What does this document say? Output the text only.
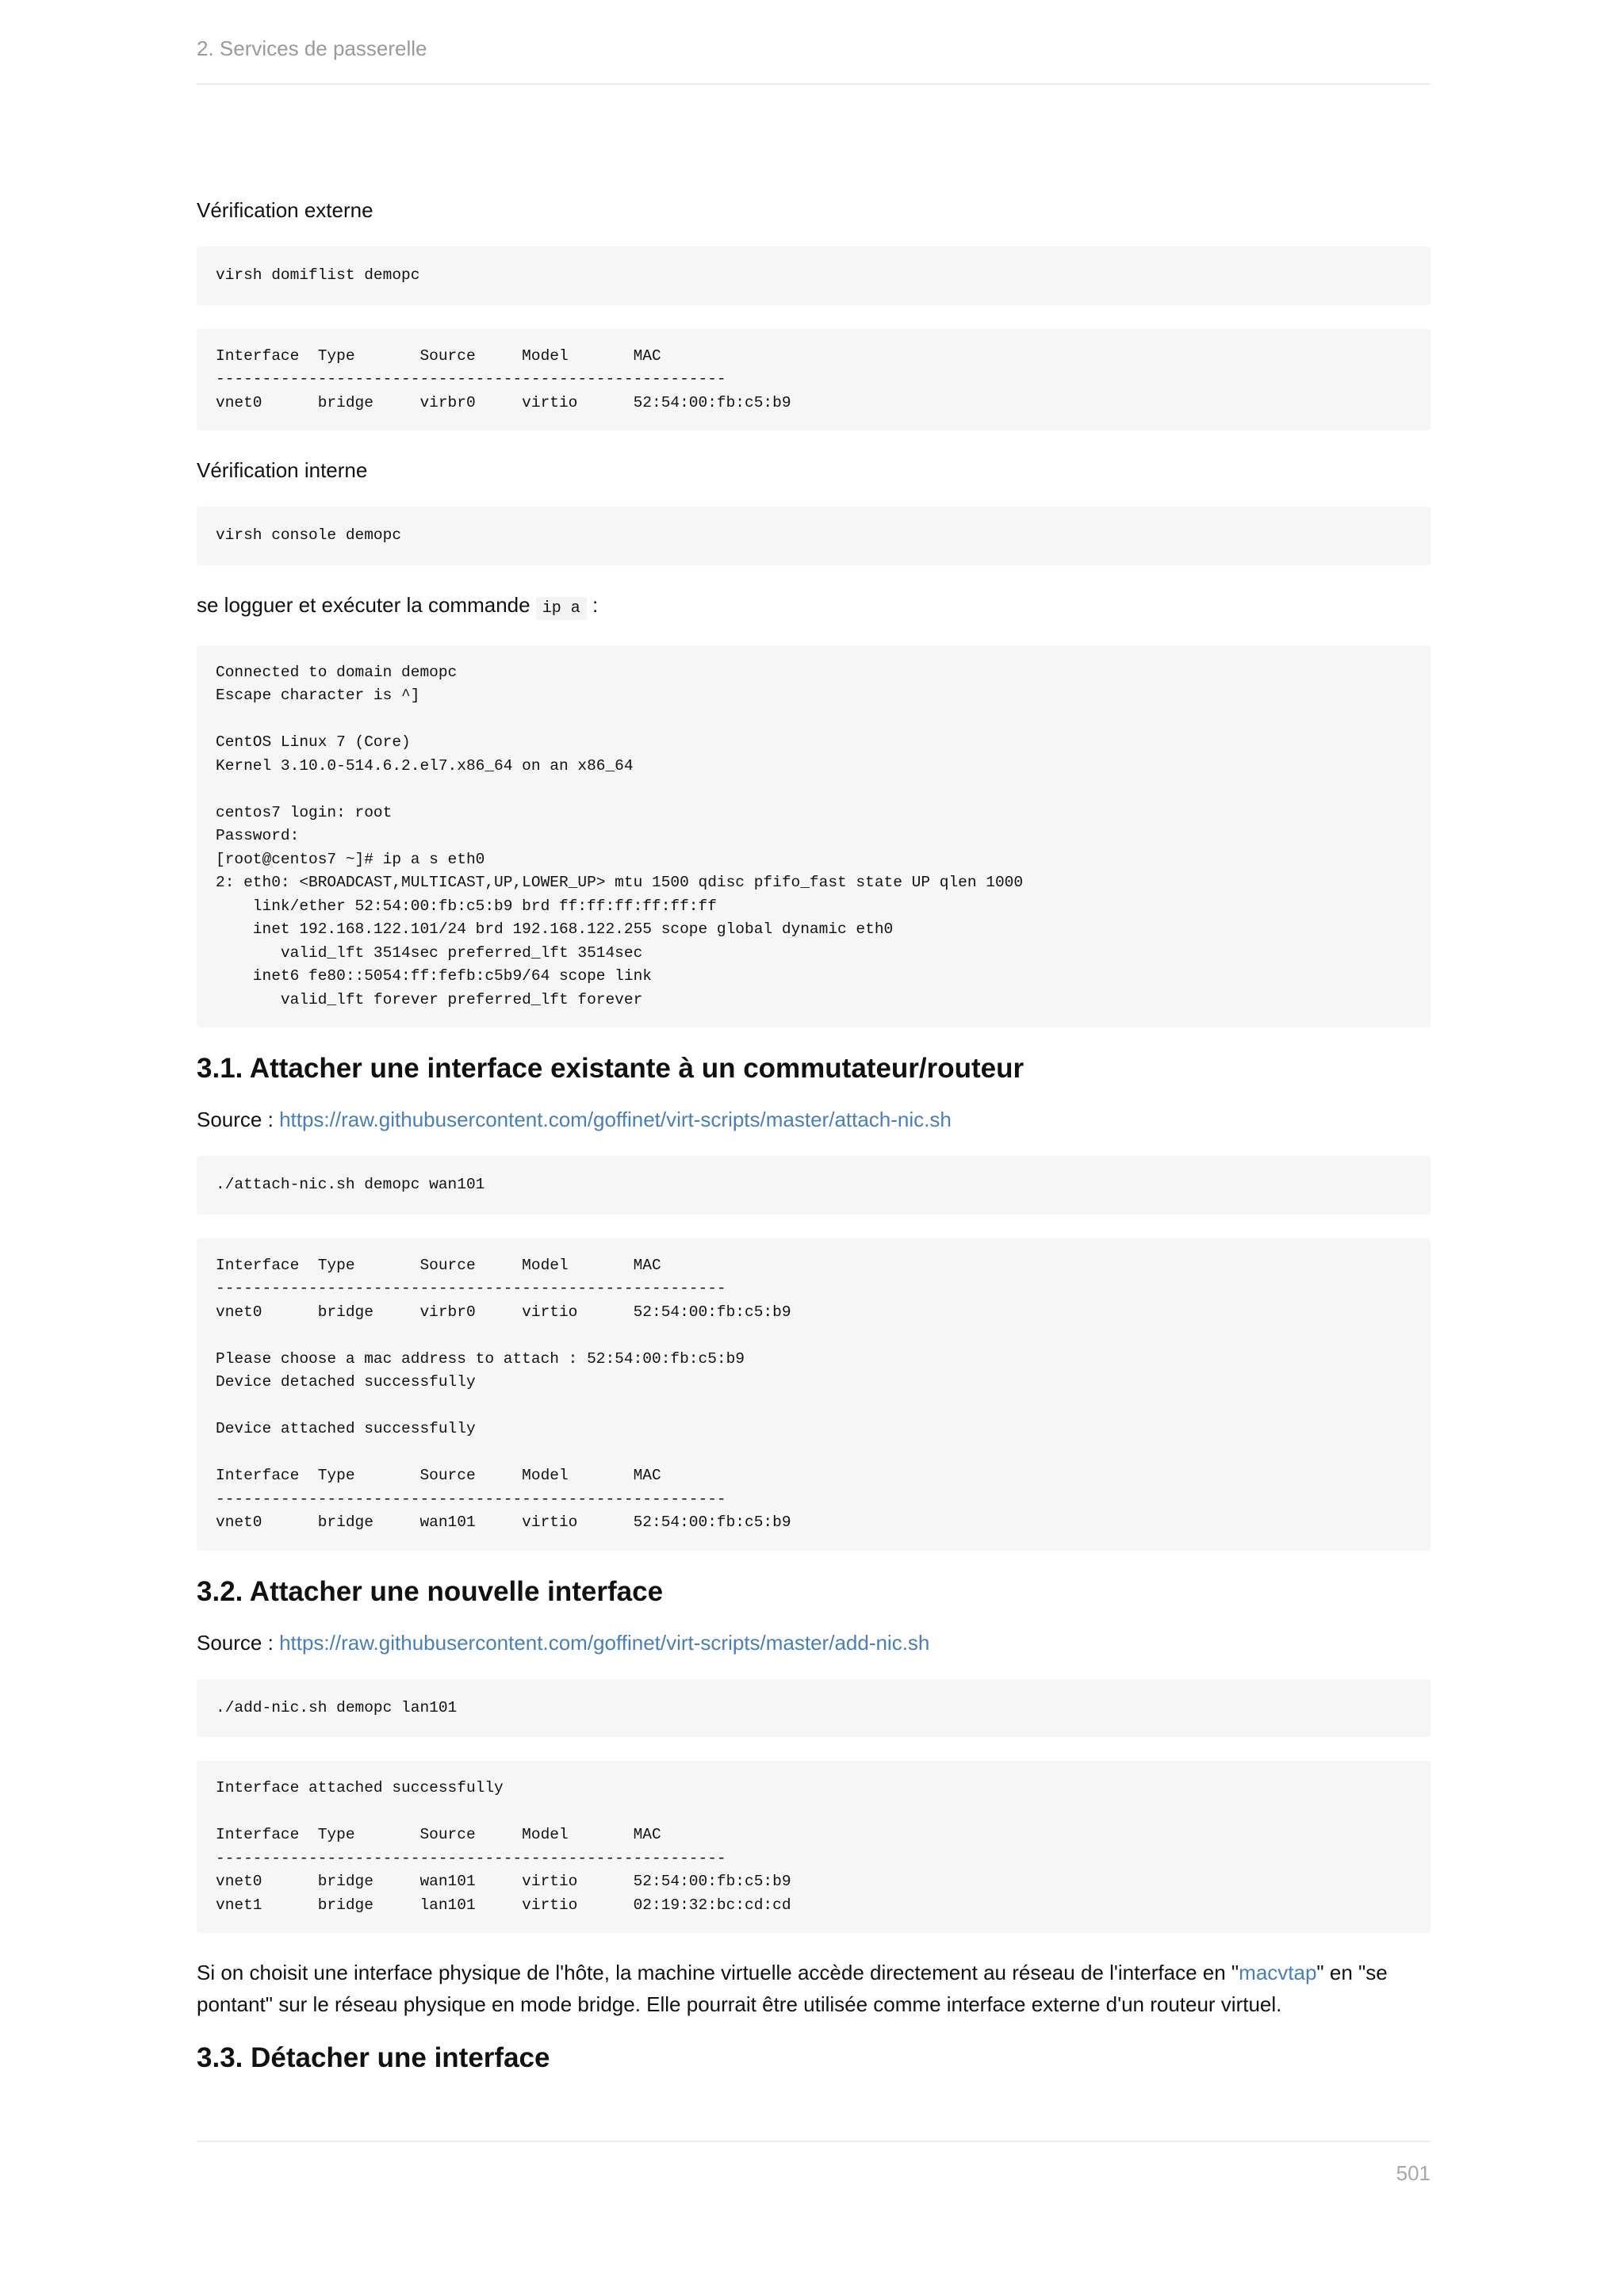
2. Services de passerelle

Vérification externe

virsh domiflist demopc
Interface  Type       Source     Model       MAC
-------------------------------------------------------
vnet0      bridge     virbr0     virtio      52:54:00:fb:c5:b9

Vérification interne

virsh console demopc

se logguer et exécuter la commande ip a :

Connected to domain demopc
Escape character is ^]

CentOS Linux 7 (Core)
Kernel 3.10.0-514.6.2.el7.x86_64 on an x86_64

centos7 login: root
Password:
[root@centos7 ~]# ip a s eth0
2: eth0: <BROADCAST,MULTICAST,UP,LOWER_UP> mtu 1500 qdisc pfifo_fast state UP qlen 1000
link/ether 52:54:00:fb:c5:b9 brd ff:ff:ff:ff:ff:ff
inet 192.168.122.101/24 brd 192.168.122.255 scope global dynamic eth0
valid_lft 3514sec preferred_lft 3514sec
inet6 fe80::5054:ff:fefb:c5b9/64 scope link
valid_lft forever preferred_lft forever
3.1. Attacher une interface existante à un commutateur/routeur

Source : https://raw.githubusercontent.com/goffinet/virt-scripts/master/attach-nic.sh

./attach-nic.sh demopc wan101
Interface  Type       Source     Model       MAC
-------------------------------------------------------
vnet0      bridge     virbr0     virtio      52:54:00:fb:c5:b9

Please choose a mac address to attach : 52:54:00:fb:c5:b9
Device detached successfully

Device attached successfully

Interface  Type       Source     Model       MAC
-------------------------------------------------------
vnet0      bridge     wan101     virtio      52:54:00:fb:c5:b9
3.2. Attacher une nouvelle interface

Source : https://raw.githubusercontent.com/goffinet/virt-scripts/master/add-nic.sh

./add-nic.sh demopc lan101
Interface attached successfully

Interface  Type       Source     Model       MAC
-------------------------------------------------------
vnet0      bridge     wan101     virtio      52:54:00:fb:c5:b9
vnet1      bridge     lan101     virtio      02:19:32:bc:cd:cd

Si on choisit une interface physique de l'hôte, la machine virtuelle accède directement au réseau de l'interface en "macvtap" en "se pontant" sur le réseau physique en mode bridge. Elle pourrait être utilisée comme interface externe d'un routeur virtuel.

3.3. Détacher une interface
501
